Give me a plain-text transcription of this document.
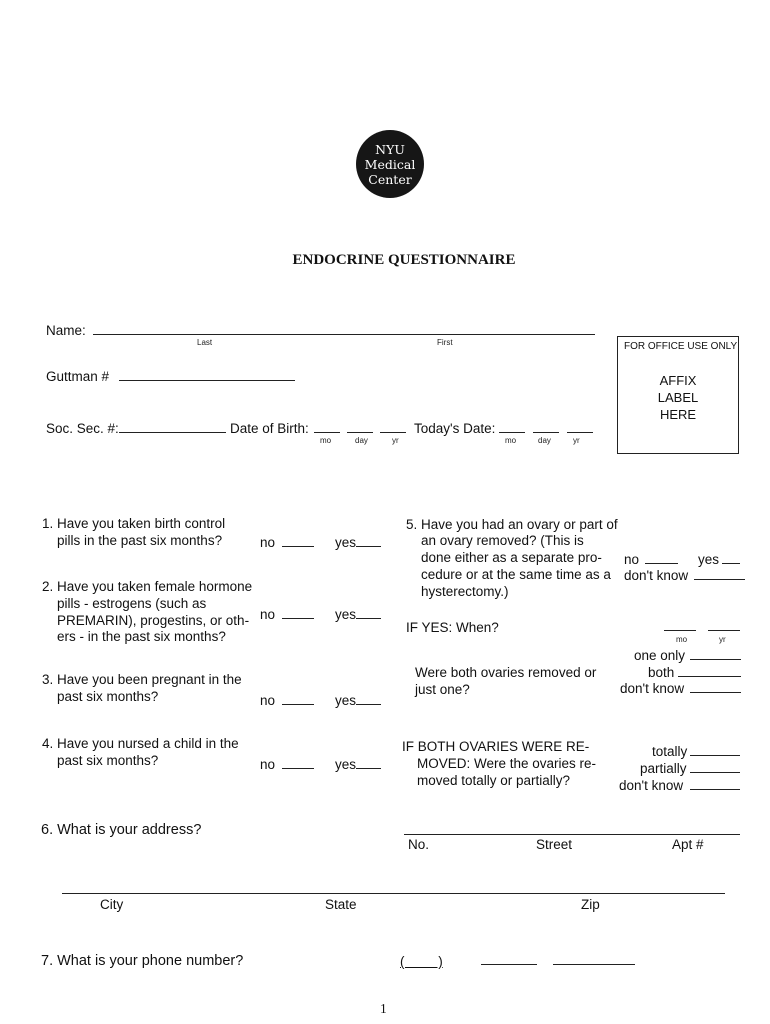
NYU
Medical
Center
ENDOCRINE QUESTIONNAIRE
Name:
Last	First
Guttman #
Soc. Sec. #:	Date of Birth:
mo	day	yr
Today's Date:
mo	day	yr
FOR OFFICE USE ONLY
AFFIX
LABEL
HERE
1. Have you taken birth control
pills in the past six months?	no	yes
2. Have you taken female hormone
pills - estrogens (such as
PREMARIN), progestins, or oth-
ers - in the past six months?
no	yes
3. Have you been pregnant in the
past six months?	no	yes
4. Have you nursed a child in the
past six months?	no	yes
5. Have you had an ovary or part of
an ovary removed? (This is
done either as a separate pro-
cedure or at the same time as a
hysterectomy.)
no	yes
don't know
IF YES: When?
mo	yr
Were both ovaries removed or
just one?
one only
both
don't know
IF BOTH OVARIES WERE RE-
MOVED: Were the ovaries re-
moved totally or partially?
totally
partially
don't know
6. What is your address?
No.	Street	Apt #
City	State	Zip
7. What is your phone number?	(         )
1
